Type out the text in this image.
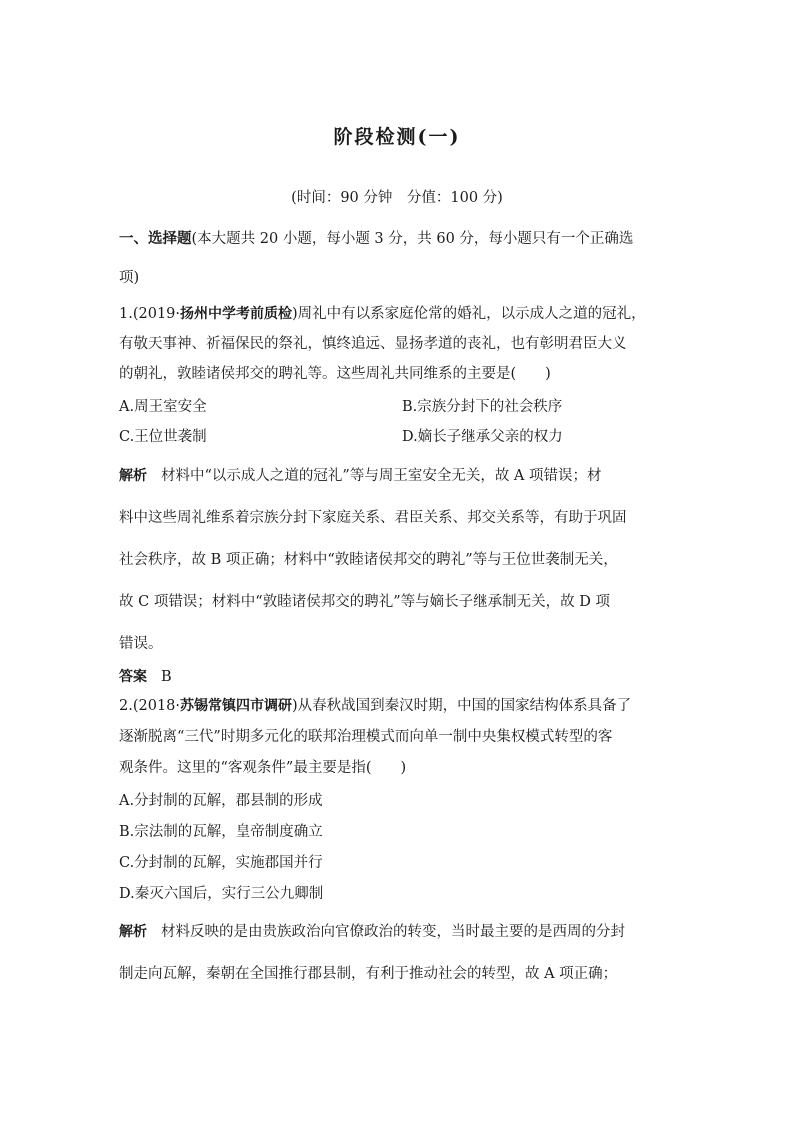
阶段检测(一)
(时间：90 分钟　分值：100 分)
一、选择题(本大题共 20 小题，每小题 3 分，共 60 分，每小题只有一个正确选
项)
1.(2019·扬州中学考前质检)周礼中有以系家庭伦常的婚礼，以示成人之道的冠礼，
有敬天事神、祈福保民的祭礼，慎终追远、显扬孝道的丧礼，也有彰明君臣大义
的朝礼，敦睦诸侯邦交的聘礼等。这些周礼共同维系的主要是(　　)
A.周王室安全	B.宗族分封下的社会秩序
C.王位世袭制	D.嫡长子继承父亲的权力
解析 材料中“以示成人之道的冠礼”等与周王室安全无关，故 A 项错误；材
料中这些周礼维系着宗族分封下家庭关系、君臣关系、邦交关系等，有助于巩固
社会秩序，故 B 项正确；材料中“敦睦诸侯邦交的聘礼”等与王位世袭制无关，
故 C 项错误；材料中“敦睦诸侯邦交的聘礼”等与嫡长子继承制无关，故 D 项
错误。
答案 B
2.(2018·苏锡常镇四市调研)从春秋战国到秦汉时期，中国的国家结构体系具备了
逐渐脱离“三代”时期多元化的联邦治理模式而向单一制中央集权模式转型的客
观条件。这里的“客观条件”最主要是指(　　)
A.分封制的瓦解，郡县制的形成
B.宗法制的瓦解，皇帝制度确立
C.分封制的瓦解，实施郡国并行
D.秦灭六国后，实行三公九卿制
解析 材料反映的是由贵族政治向官僚政治的转变，当时最主要的是西周的分封
制走向瓦解，秦朝在全国推行郡县制，有利于推动社会的转型，故 A 项正确；
